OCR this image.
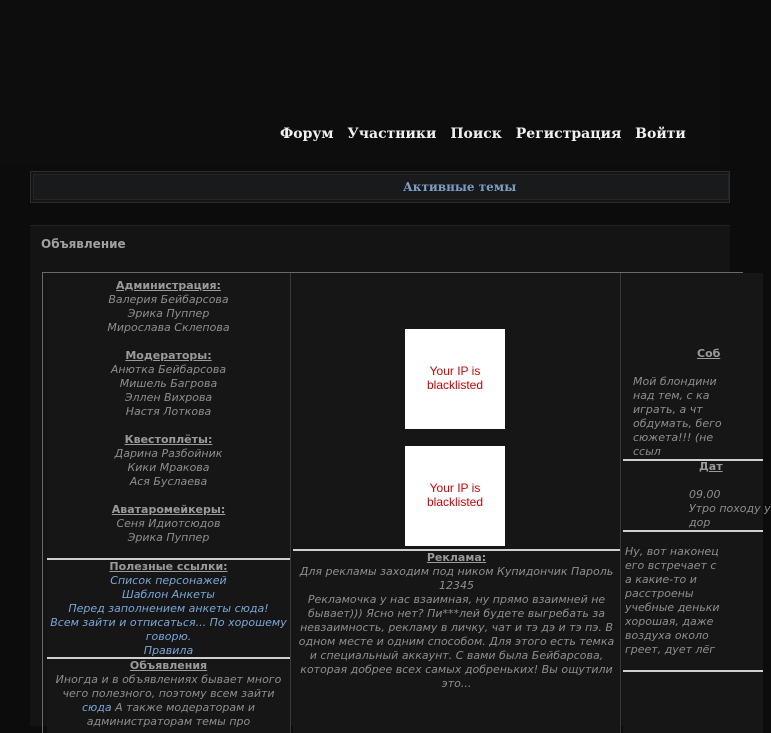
Форум Участники Поиск Регистрация Войти
Активные темы
Объявление
Администрация:
Валерия Бейбарсова
Эрика Пуппер
Мирослава Склепова
Модераторы:
Анютка Бейбарсова
Мишель Багрова
Эллен Вихрова
Настя Лоткова
Квестоплёты:
Дарина Разбойник
Кики Мракова
Ася Буслаева
Аватаромейкеры:
Сеня Идиотсюдов
Эрика Пуппер
Полезные ссылки:
Список персонажей
Шаблон Анкеты
Перед заполнением анкеты сюда!
Всем зайти и отписаться... По хорошему говорю.
Правила
Объявления
Иногда и в объявлениях бывает много чего полезного, поэтому всем зайти сюда А также модераторам и администраторам темы про
Your IP is blacklisted
Your IP is blacklisted
Реклама:
Для рекламы заходим под ником Купидончик Пароль 12345
Рекламочка у нас взаимная, ну прямо взаимней не бывает))) Ясно нет? Пи***лей будете выгребать за невзаимность, рекламу в личку, чат и тэ дэ и тэ пэ. В одном месте и одним способом. Для этого есть темка и специальный аккаунт. С вами была Бейбарсова, которая добрее всех самых добреньких! Вы ощутили это...
Соб
Мой блондини
над тем, с ка
играть, а чт
обдумать, бего
сюжета!!! (не
ссыл
Дат
09.00
Утро походу у
дор
Ну, вот наконец
его встречает с
а какие-то и
расстроены
учебные деньки
хорошая, даже
воздуха около
греет, дует лёг
